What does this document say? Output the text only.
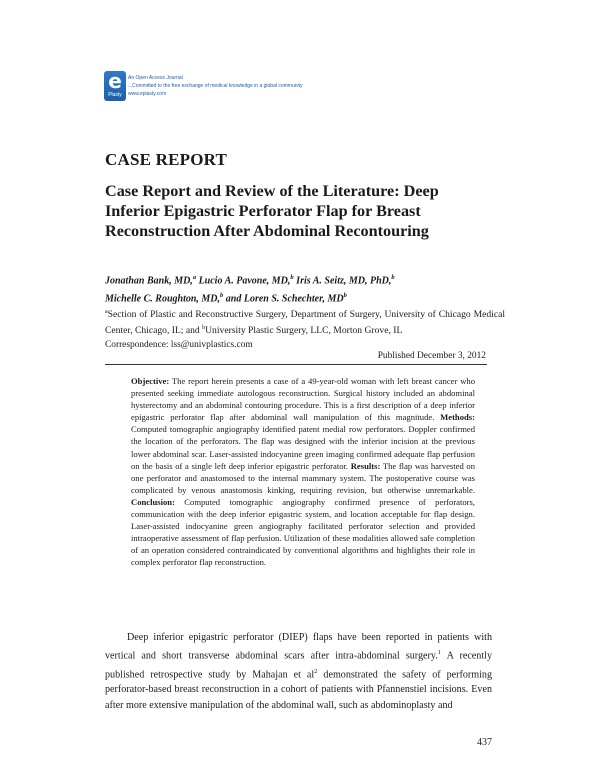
e
Plasty
An Open Access Journal
...Committed to the free exchange of medical knowledge in a global community
www.eplasty.com
CASE REPORT
Case Report and Review of the Literature: Deep Inferior Epigastric Perforator Flap for Breast Reconstruction After Abdominal Recontouring
Jonathan Bank, MD,$^a$ Lucio A. Pavone, MD,$^b$ Iris A. Seitz, MD, PhD,$^b$
Michelle C. Roughton, MD,$^b$ and Loren S. Schechter, $MD^b$
$^a$Section of Plastic and Reconstructive Surgery, Department of Surgery, University of Chicago Medical Center, Chicago, IL; and $^b$University Plastic Surgery, LLC, Morton Grove, IL
Correspondence: lss@univplastics.com
Published December 3, 2012
Objective: The report herein presents a case of a 49-year-old woman with left breast cancer who presented seeking immediate autologous reconstruction. Surgical history included an abdominal hysterectomy and an abdominal contouring procedure. This is a first description of a deep inferior epigastric perforator flap after abdominal wall manipulation of this magnitude. Methods: Computed tomographic angiography identified patent medial row perforators. Doppler confirmed the location of the perforators. The flap was designed with the inferior incision at the previous lower abdominal scar. Laser-assisted indocyanine green imaging confirmed adequate flap perfusion on the basis of a single left deep inferior epigastric perforator. Results: The flap was harvested on one perforator and anastomosed to the internal mammary system. The postoperative course was complicated by venous anastomosis kinking, requiring revision, but otherwise unremarkable. Conclusion: Computed tomographic angiography confirmed presence of perforators, communication with the deep inferior epigastric system, and location acceptable for flap design. Laser-assisted indocyanine green angiography facilitated perforator selection and provided intraoperative assessment of flap perfusion. Utilization of these modalities allowed safe completion of an operation considered contraindicated by conventional algorithms and highlights their role in complex perforator flap reconstruction.
Deep inferior epigastric perforator (DIEP) flaps have been reported in patients with vertical and short transverse abdominal scars after intra-abdominal surgery.$^1$ A recently published retrospective study by Mahajan et $al^2$ demonstrated the safety of performing perforator-based breast reconstruction in a cohort of patients with Pfannenstiel incisions. Even after more extensive manipulation of the abdominal wall, such as abdominoplasty and
437
